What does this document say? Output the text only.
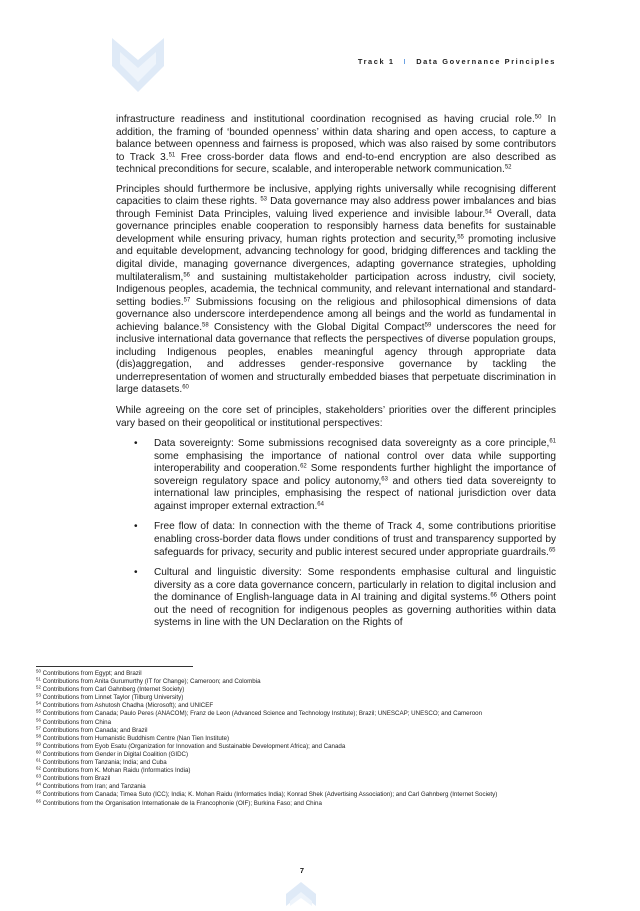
Track 1 I Data Governance Principles

infrastructure readiness and institutional coordination recognised as having crucial role.$^{50}$ In addition, the framing of ‘bounded openness’ within data sharing and open access, to capture a balance between openness and fairness is proposed, which was also raised by some contributors to Track 3.51 Free cross-border data flows and end-to-end encryption are also described as technical preconditions for secure, scalable, and interoperable network communication.$^{52}$

Principles should furthermore be inclusive, applying rights universally while recognising different capacities to claim these rights. $^{53}$ Data governance may also address power imbalances and bias through Feminist Data Principles, valuing lived experience and invisible labour.$^{54}$ Overall, data governance principles enable cooperation to responsibly harness data benefits for sustainable development while ensuring privacy, human rights protection and security,$^{55}$ promoting inclusive and equitable development, advancing technology for good, bridging differences and tackling the digital divide, managing governance divergences, adapting governance strategies, upholding multilateralism,$^{56}$ and sustaining multistakeholder participation across industry, civil society, Indigenous peoples, academia, the technical community, and relevant international and standard-setting bodies.$^{57}$ Submissions focusing on the religious and philosophical dimensions of data governance also underscore interdependence among all beings and the world as fundamental in achieving balance.$^{58}$ Consistency with the Global Digital Compact$^{59}$ underscores the need for inclusive international data governance that reflects the perspectives of diverse population groups, including Indigenous peoples, enables meaningful agency through appropriate data (dis)aggregation, and addresses gender-responsive governance by tackling the underrepresentation of women and structurally embedded biases that perpetuate discrimination in large datasets.$^{60}$

While agreeing on the core set of principles, stakeholders’ priorities over the different principles vary based on their geopolitical or institutional perspectives:

• Data sovereignty: Some submissions recognised data sovereignty as a core principle,$^{61}$ some emphasising the importance of national control over data while supporting interoperability and cooperation.$^{62}$ Some respondents further highlight the importance of sovereign regulatory space and policy autonomy,$^{63}$ and others tied data sovereignty to international law principles, emphasising the respect of national jurisdiction over data against improper external extraction.$^{64}$
• Free flow of data: In connection with the theme of Track 4, some contributions prioritise enabling cross-border data flows under conditions of trust and transparency supported by safeguards for privacy, security and public interest secured under appropriate guardrails.$^{65}$
• Cultural and linguistic diversity: Some respondents emphasise cultural and linguistic diversity as a core data governance concern, particularly in relation to digital inclusion and the dominance of English-language data in AI training and digital systems.$^{66}$ Others point out the need of recognition for indigenous peoples as governing authorities within data systems in line with the UN Declaration on the Rights of

$^{50}$ Contributions from Egypt; and Brazil

$^{51}$ Contributions from Anita Gurumurthy (IT for Change); Cameroon; and Colombia

$^{52}$ Contributions from Carl Gahnberg (Internet Society)

$^{53}$ Contributions from Linnet Taylor (Tilburg University)

$^{54}$ Contributions from Ashutosh Chadha (Microsoft); and UNICEF

$^{55}$ Contributions from Canada; Paulo Peres (ANACOM); Franz de Leon (Advanced Science and Technology Institute); Brazil; UNESCAP; UNESCO; and Cameroon

$^{56}$ Contributions from China

$^{57}$ Contributions from Canada; and Brazil

$^{58}$ Contributions from Humanistic Buddhism Centre (Nan Tien Institute)

$^{59}$ Contributions from Eyob Esatu (Organization for Innovation and Sustainable Development Africa); and Canada

$^{60}$ Contributions from Gender in Digital Coalition (GIDC)

$^{61}$ Contributions from Tanzania; India; and Cuba

$^{62}$ Contributions from K. Mohan Raidu (Informatics India)

$^{63}$ Contributions from Brazil

$^{64}$ Contributions from Iran; and Tanzania

$^{65}$ Contributions from Canada; Timea Suto (ICC); India; K. Mohan Raidu (Informatics India); Konrad Shek (Advertising Association); and Carl Gahnberg (Internet Society)

$^{66}$ Contributions from the Organisation Internationale de la Francophonie (OIF); Burkina Faso; and China

7
